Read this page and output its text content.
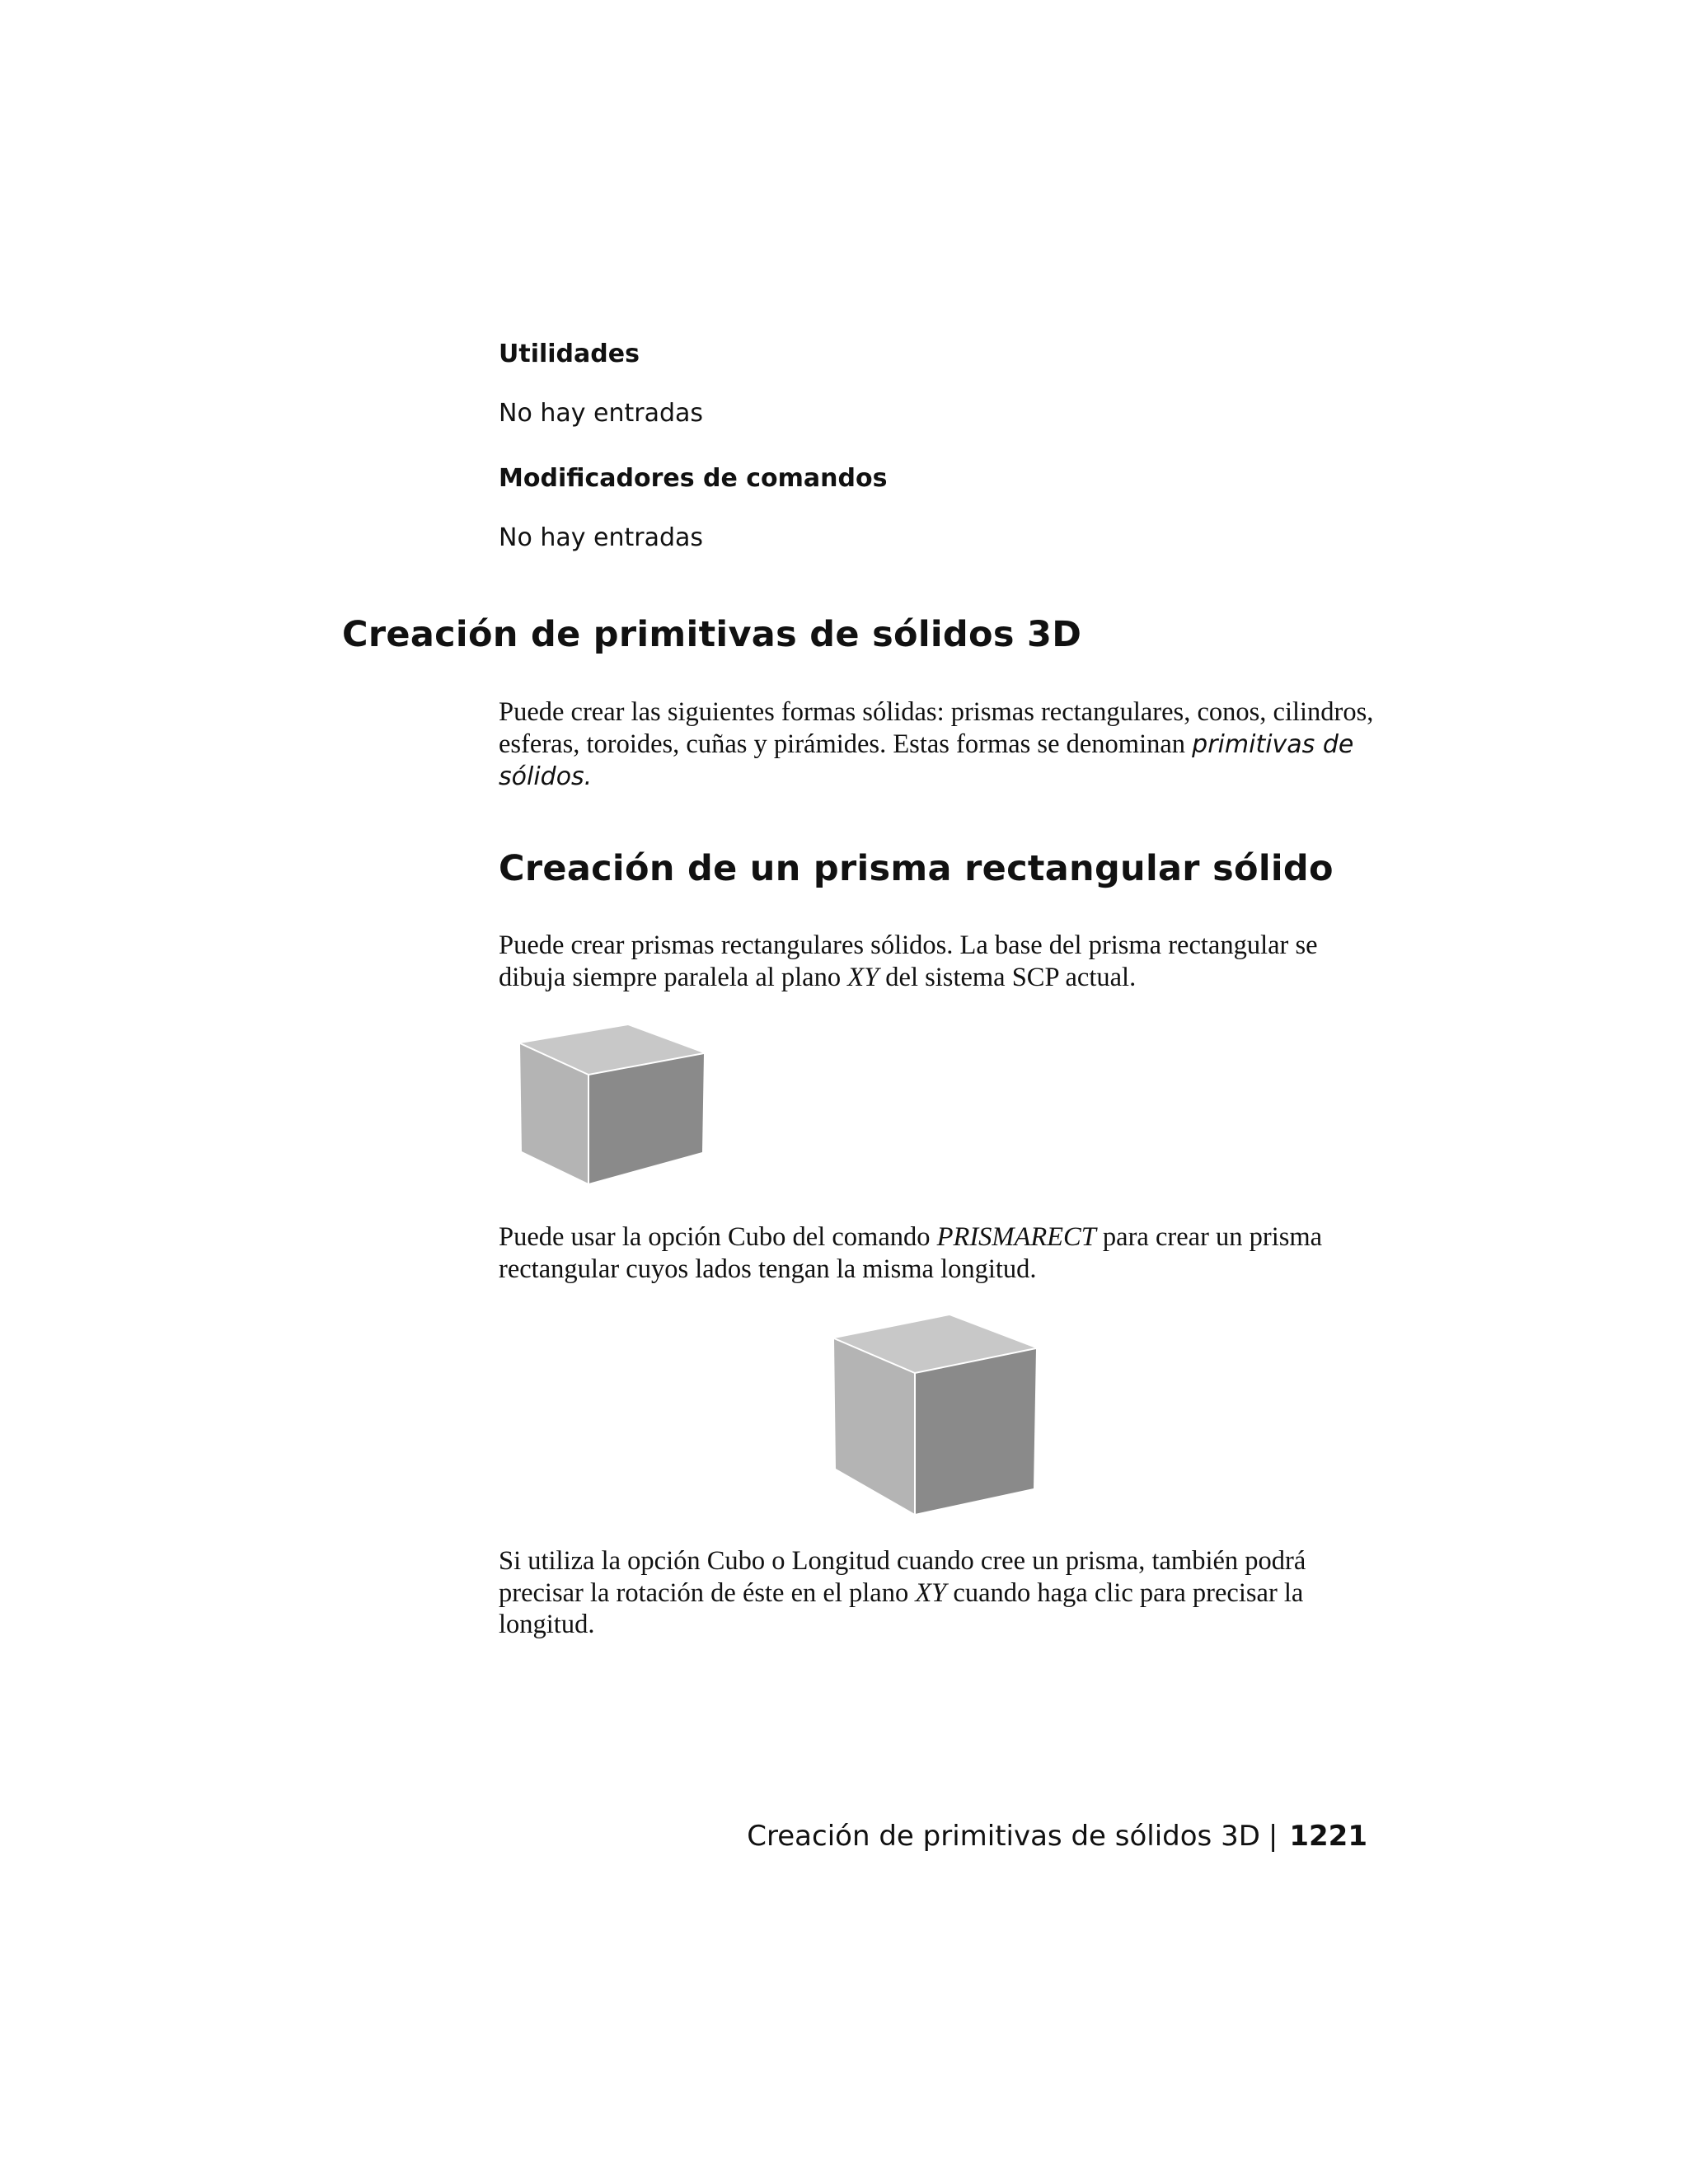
Utilidades

No hay entradas

Modificadores de comandos

No hay entradas

Creación de primitivas de sólidos 3D

Puede crear las siguientes formas sólidas: prismas rectangulares, conos, cilindros, esferas, toroides, cuñas y pirámides. Estas formas se denominan primitivas de sólidos.

Creación de un prisma rectangular sólido

Puede crear prismas rectangulares sólidos. La base del prisma rectangular se dibuja siempre paralela al plano XY del sistema SCP actual.

Puede usar la opción Cubo del comando PRISMARECT para crear un prisma rectangular cuyos lados tengan la misma longitud.

Si utiliza la opción Cubo o Longitud cuando cree un prisma, también podrá precisar la rotación de éste en el plano XY cuando haga clic para precisar la longitud.

Creación de primitivas de sólidos 3D | 1221
